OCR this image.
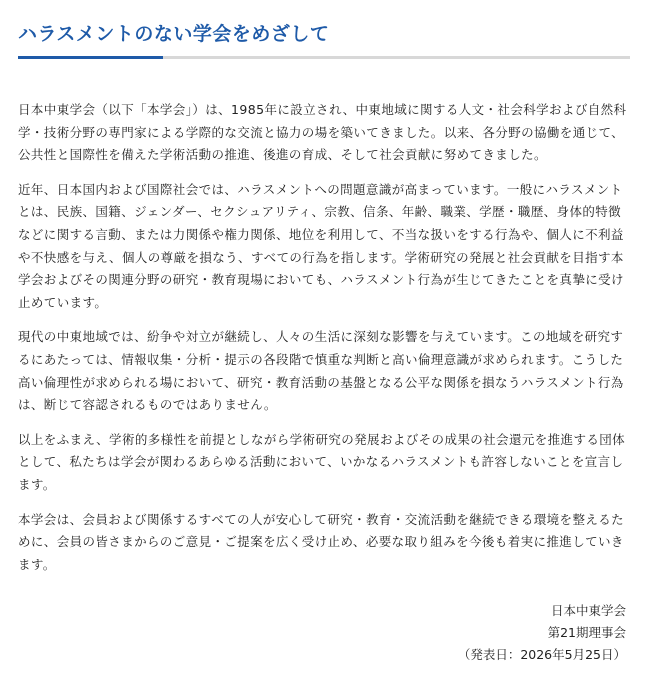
ハラスメントのない学会をめざして

日本中東学会（以下「本学会」）は、1985年に設立され、中東地域に関する人文・社会科学および自然科学・技術分野の専門家による学際的な交流と協力の場を築いてきました。以来、各分野の協働を通じて、公共性と国際性を備えた学術活動の推進、後進の育成、そして社会貢献に努めてきました。

近年、日本国内および国際社会では、ハラスメントへの問題意識が高まっています。一般にハラスメントとは、民族、国籍、ジェンダー、セクシュアリティ、宗教、信条、年齢、職業、学歴・職歴、身体的特徴などに関する言動、または力関係や権力関係、地位を利用して、不当な扱いをする行為や、個人に不利益や不快感を与え、個人の尊厳を損なう、すべての行為を指します。学術研究の発展と社会貢献を目指す本学会およびその関連分野の研究・教育現場においても、ハラスメント行為が生じてきたことを真摯に受け止めています。

現代の中東地域では、紛争や対立が継続し、人々の生活に深刻な影響を与えています。この地域を研究するにあたっては、情報収集・分析・提示の各段階で慎重な判断と高い倫理意識が求められます。こうした高い倫理性が求められる場において、研究・教育活動の基盤となる公平な関係を損なうハラスメント行為は、断じて容認されるものではありません。

以上をふまえ、学術的多様性を前提としながら学術研究の発展およびその成果の社会還元を推進する団体として、私たちは学会が関わるあらゆる活動において、いかなるハラスメントも許容しないことを宣言します。

本学会は、会員および関係するすべての人が安心して研究・教育・交流活動を継続できる環境を整えるために、会員の皆さまからのご意見・ご提案を広く受け止め、必要な取り組みを今後も着実に推進していきます。

日本中東学会
第21期理事会
（発表日：2026年5月25日）
